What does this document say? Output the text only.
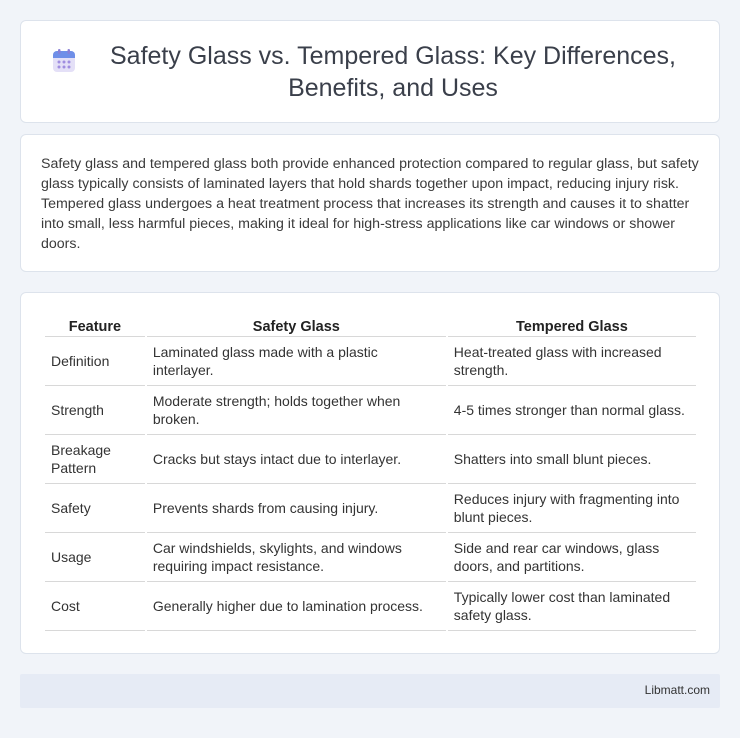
Safety Glass vs. Tempered Glass: Key Differences, Benefits, and Uses

Safety glass and tempered glass both provide enhanced protection compared to regular glass, but safety glass typically consists of laminated layers that hold shards together upon impact, reducing injury risk. Tempered glass undergoes a heat treatment process that increases its strength and causes it to shatter into small, less harmful pieces, making it ideal for high-stress applications like car windows or shower doors.

Feature	Safety Glass	Tempered Glass
Definition	Laminated glass made with a plastic interlayer.	Heat-treated glass with increased strength.
Strength	Moderate strength; holds together when broken.	4-5 times stronger than normal glass.
Breakage Pattern	Cracks but stays intact due to interlayer.	Shatters into small blunt pieces.
Safety	Prevents shards from causing injury.	Reduces injury with fragmenting into blunt pieces.
Usage	Car windshields, skylights, and windows requiring impact resistance.	Side and rear car windows, glass doors, and partitions.
Cost	Generally higher due to lamination process.	Typically lower cost than laminated safety glass.
Libmatt.com
